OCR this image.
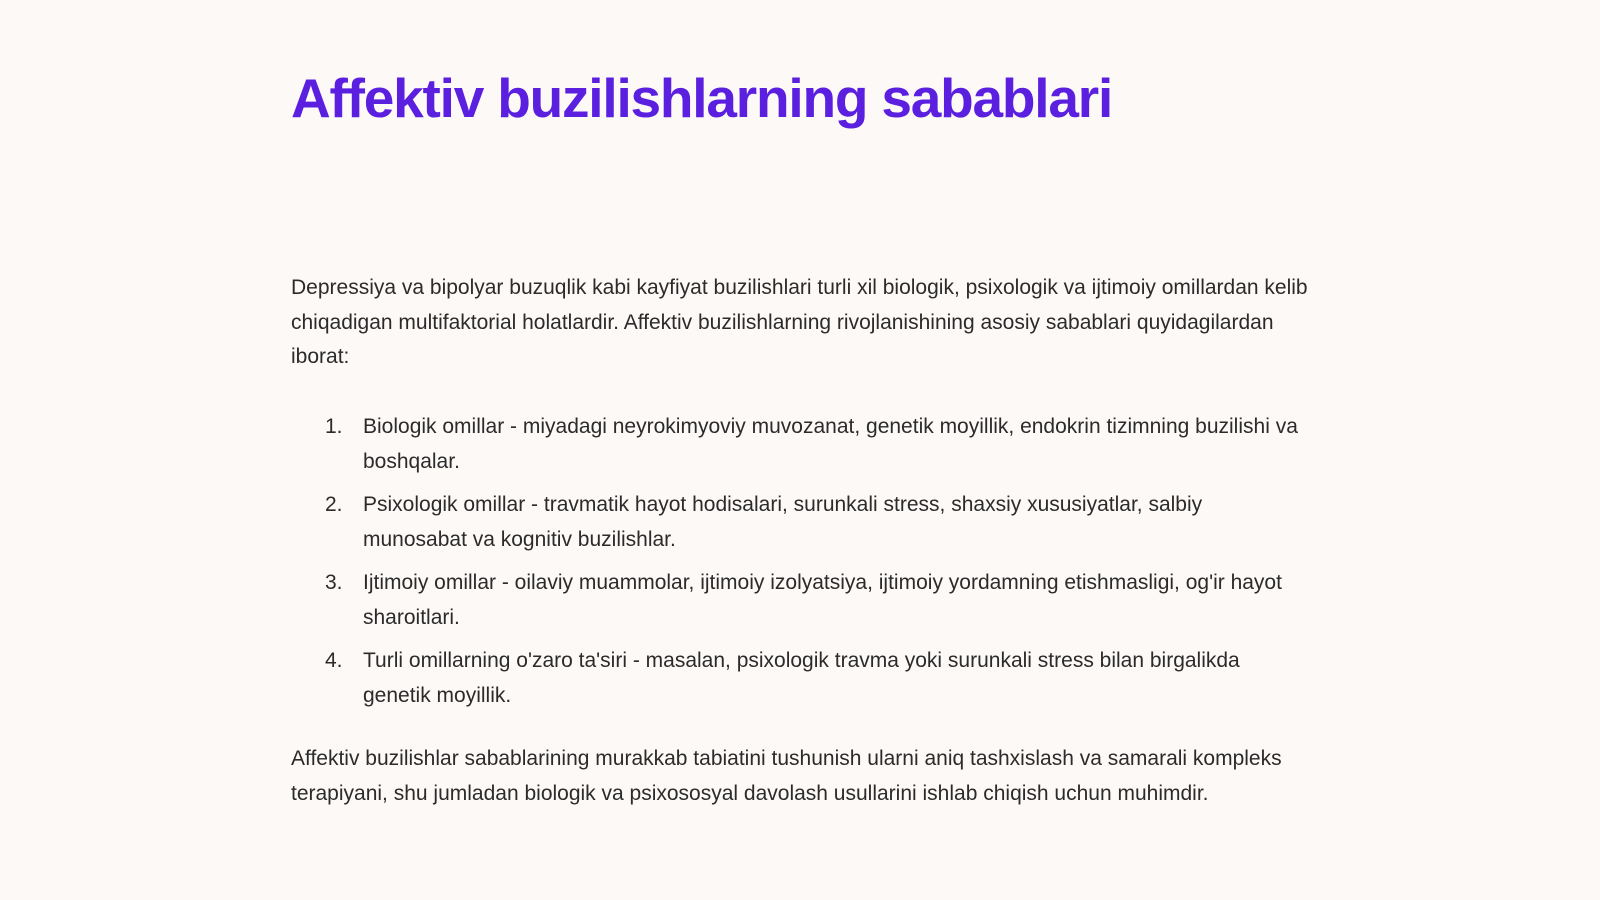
Affektiv buzilishlarning sabablari

Depressiya va bipolyar buzuqlik kabi kayfiyat buzilishlari turli xil biologik, psixologik va ijtimoiy omillardan kelib chiqadigan multifaktorial holatlardir. Affektiv buzilishlarning rivojlanishining asosiy sabablari quyidagilardan iborat:

1. Biologik omillar - miyadagi neyrokimyoviy muvozanat, genetik moyillik, endokrin tizimning buzilishi va boshqalar.
2. Psixologik omillar - travmatik hayot hodisalari, surunkali stress, shaxsiy xususiyatlar, salbiy munosabat va kognitiv buzilishlar.
3. Ijtimoiy omillar - oilaviy muammolar, ijtimoiy izolyatsiya, ijtimoiy yordamning etishmasligi, og'ir hayot sharoitlari.
4. Turli omillarning o'zaro ta'siri - masalan, psixologik travma yoki surunkali stress bilan birgalikda genetik moyillik.

Affektiv buzilishlar sabablarining murakkab tabiatini tushunish ularni aniq tashxislash va samarali kompleks terapiyani, shu jumladan biologik va psixososyal davolash usullarini ishlab chiqish uchun muhimdir.
